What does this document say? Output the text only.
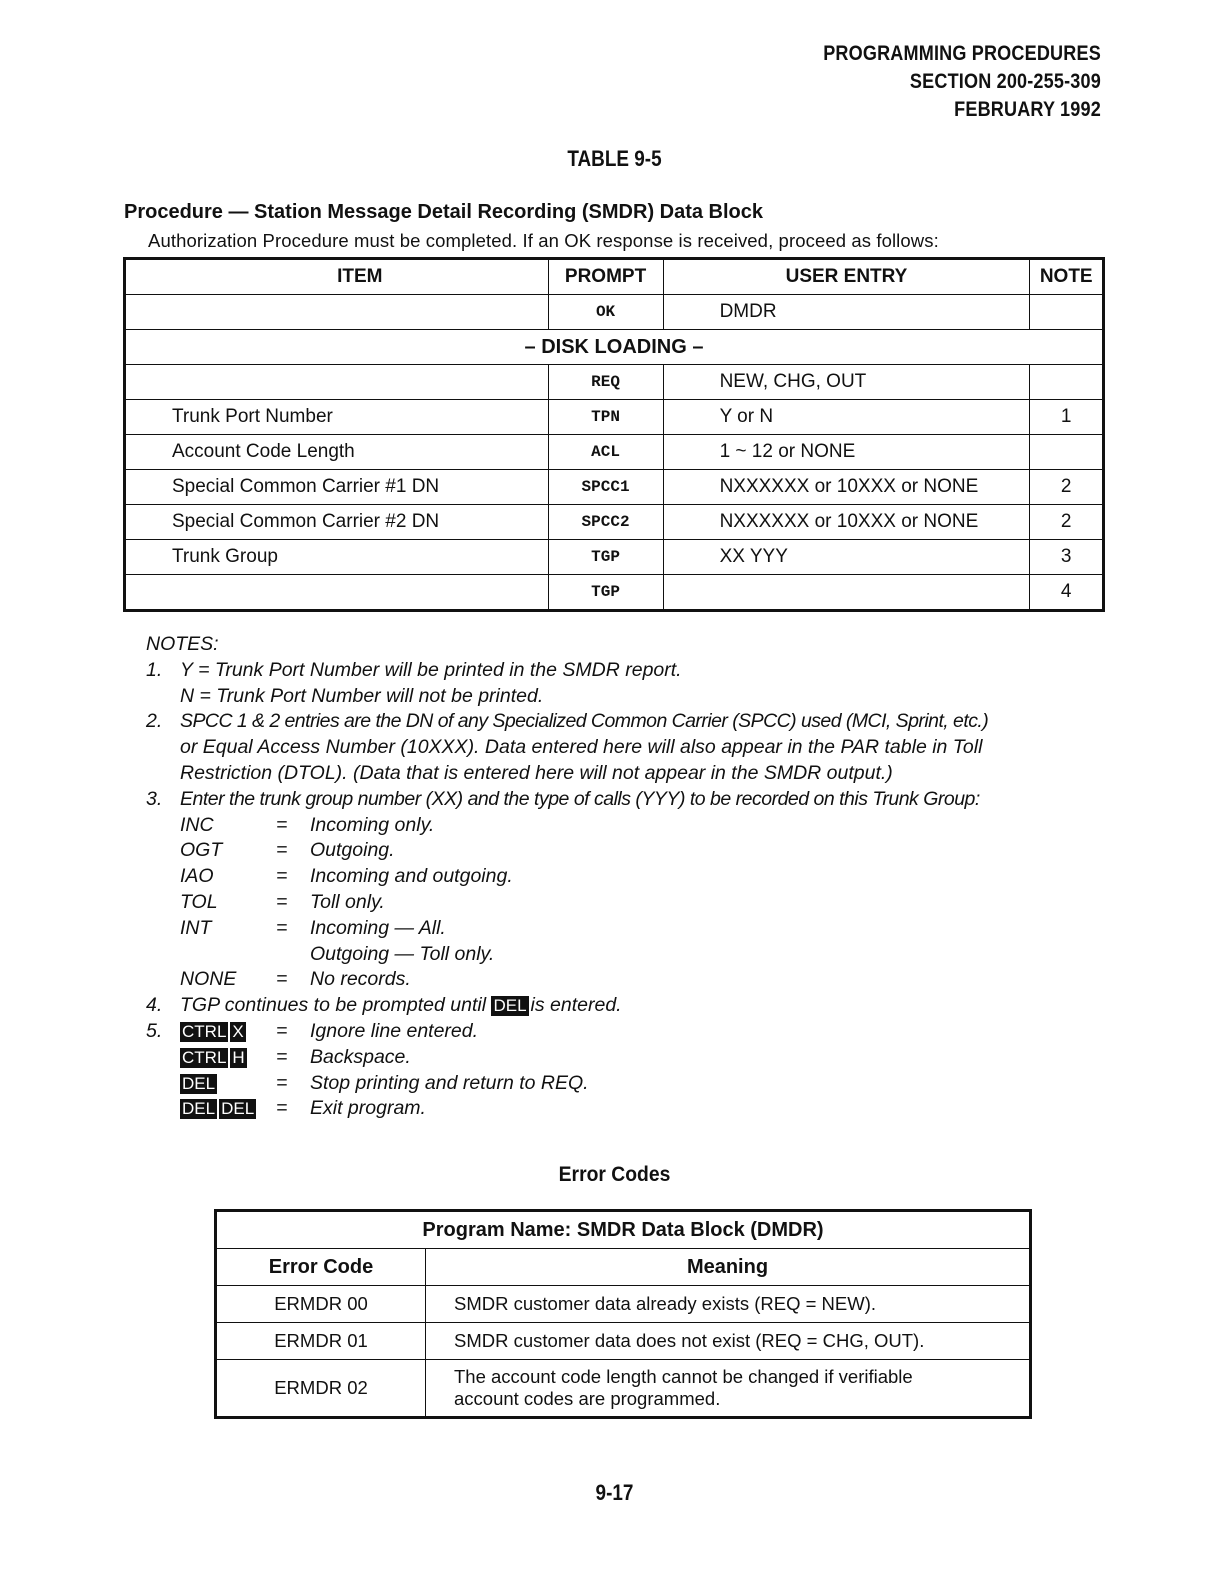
PROGRAMMING PROCEDURES
SECTION 200-255-309
FEBRUARY 1992
TABLE 9-5
Procedure — Station Message Detail Recording (SMDR) Data Block
Authorization Procedure must be completed. If an OK response is received, proceed as follows:
ITEM	PROMPT	USER ENTRY	NOTE
	OK	DMDR	
– DISK LOADING –			
	REQ	NEW, CHG, OUT	
Trunk Port Number	TPN	Y or N	1
Account Code Length	ACL	1 ~ 12 or NONE	
Special Common Carrier #1 DN	SPCC1	NXXXXXX or 10XXX or NONE	2
Special Common Carrier #2 DN	SPCC2	NXXXXXX or 10XXX or NONE	2
Trunk Group	TGP	XX YYY	3
	TGP		4
NOTES:
1. Y = Trunk Port Number will be printed in the SMDR report.
N = Trunk Port Number will not be printed.
2. SPCC 1 & 2 entries are the DN of any Specialized Common Carrier (SPCC) used (MCI, Sprint, etc.)
or Equal Access Number (10XXX). Data entered here will also appear in the PAR table in Toll
Restriction (DTOL). (Data that is entered here will not appear in the SMDR output.)
3. Enter the trunk group number (XX) and the type of calls (YYY) to be recorded on this Trunk Group:
INC	=	Incoming only.
OGT	=	Outgoing.
IAO	=	Incoming and outgoing.
TOL	=	Toll only.
INT	=	Incoming — All.
Outgoing — Toll only.
NONE	=	No records.
4. TGP continues to be prompted until DEL is entered.
5.	CTRL X	=	Ignore line entered.
CTRL H	=	Backspace.
DEL	=	Stop printing and return to REQ.
DEL DEL	=	Exit program.
Error Codes
Program Name: SMDR Data Block (DMDR)	
Error Code	Meaning
ERMDR 00	SMDR customer data already exists (REQ = NEW).
ERMDR 01	SMDR customer data does not exist (REQ = CHG, OUT).
ERMDR 02	The account code length cannot be changed if verifiable
account codes are programmed.
9-17
